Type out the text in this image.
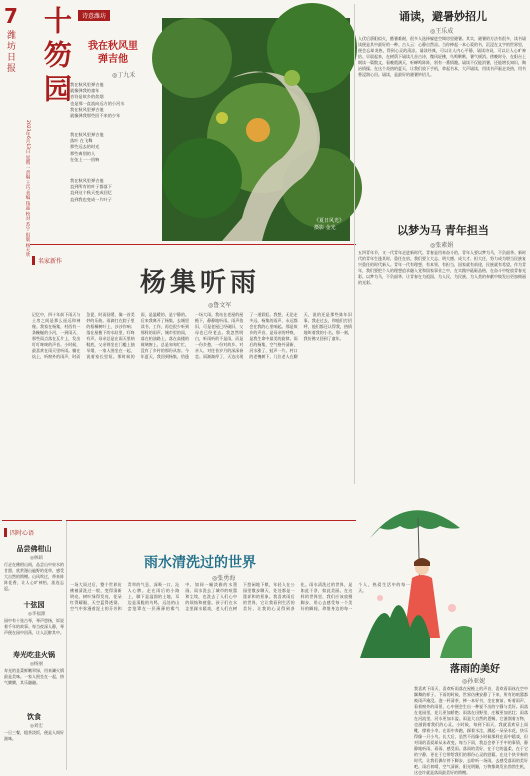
7
潍坊日报 十笏园
2023年6月13日 星期二 责编 王巧 美编 钱晶 校对 苏宁 组版 杨大欣
诗意潍坊
我在秋风里
弹吉他
◎丁九禾
我在秋风里弹吉他
就像弹我的童年
音符是故乡的炊烟
也是那一直流向远方的小河水
我在秋风里弹吉他
就像弹我那些回不来的少年
我在秋风里弹吉他
落叶 在飞舞
那些远去的时光
那些离别的人
在弦上一一回响
我在秋风里弹吉他
直到所有的叶子都落下
直到这个秋天变成回忆
直到我也变成一片叶子
《夏日风光》
摄影 金光
诵读，避暑妙招儿
◎王乐成
入伏后骄阳似火，酷暑难耐，很多人选择躲进空调房里避暑。其实，避暑的方法有很多，读书诵读便是其中最好的一种。古人云：心静自然凉。当你捧起一本心爱的书，沉浸在文字的世界里，便会忘却炎热，得到心灵的清凉。诵读经典，可以让人内心平静，诵读诗词，可以让人心旷神怡。早晨起来，在树荫下诵读几首古诗，微风轻拂，鸟鸣啾啾，暑气顿消。傍晚时分，在阳台上朗读一篇散文，看晚霞满天，听蝉鸣阵阵，别有一番情趣。诵读不仅能消暑，还能增长知识，陶冶情操。在这个炎热的夏天，让我们放下手机，拿起书本，大声诵读，用读书声驱走炎热，用书香浸润心田。诵读，是最好的避暑妙招儿。
以梦为马 青年担当
◎张素娟
五四青年节，又一代青年走进新时代。青春是用来奋斗的，青年人要以梦为马，不负韶华。新时代的青年生逢其时，重任在肩。我们要立大志、明大德、成大才、担大任，努力成为堪当民族复兴重任的时代新人。青年一代有理想、有本领、有担当，国家就有前途，民族就有希望。作为青年，我们要把个人的理想追求融入党和国家事业之中，在实践中砥砺品格，在奋斗中绽放青春光彩。以梦为马，不负韶华，让青春在为祖国、为人民、为民族、为人类的奉献中焕发出更加绚丽的光彩。
名家新作
杨集听雨
◎鲁文军
记忆中，四十年前下雨天与土房之间是那么遥远和神秘。我家在杨集，村西有一条蜿蜒的小河，一到雨天，那些雨点落在瓦片上，发出叮叮咚咚的声音。小时候，最喜欢在雨天里听雨。躺在炕上，听窗外的雨声，时而急促，时而舒缓，像一首美妙的乐曲。雨滴打在院子里的梧桐树叶上，沙沙作响；落在屋檐下的水缸里，叮咚有声。母亲总是在雨天里纳鞋底，父亲则坐在门槛上抽旱烟，一家人围坐在一起，说着家长里短。那时候的雨，是温暖的，是宁静的。后来我离开了杨集，去城里读书、工作，再也很少听到那样的雨声。城市里的雨，落在柏油路上，落在高楼的玻璃窗上，总是匆匆忙忙，没有了乡村的那份从容。今年夏天，我回到杨集，恰逢一场大雨。我站在老屋的屋檐下，静静地听雨。雨声依旧，可是老屋已经破旧，父母也已经老去。我忽然明白，听雨听的不是雨，而是一份乡愁，一份对故乡、对亲人、对往昔岁月的深深眷恋。雨渐渐停了，天边出现了一道彩虹。我想，无论走多远，杨集的雨声，永远都会在我的心里响起。那是故乡的声音，是母亲的呼唤，是我生命中最美的旋律。雨后的杨集，空气格外清新，河水涨了，蛙声一片。村口的老槐树下，几位老人在聊天，说的还是那些陈年旧事。我走过去，和他们打招呼，他们都还认得我，热情地叫着我的小名。那一刻，我仿佛又回到了童年。
四时心语
品尝佛柑山
◎林硕
行走在佛柑山间，品尝山中泉水的甘甜，欣赏漫山遍野的花草，感受大自然的馈赠。山风吹过，带来阵阵花香，让人心旷神怡，流连忘返。
十弦园
◎李福源
园中有十弦古琴，琴声悠扬，诉说着千年的故事。每当夜深人静，琴声便在园中回荡，让人沉醉其中。
寿光吃韭火锅
◎杨丽
寿光的韭菜鲜嫩翠绿，用来涮火锅最是美味。一家人围坐在一起，热气腾腾，其乐融融。
饮食
◎刘宏
一日三餐，粗茶淡饭，便是人间好滋味。
雨水清洗过的世界
◎张勇海
一场大雨过后，整个世界仿佛被清洗过一般，变得清新明亮。树叶绿得发亮，花朵红得耀眼，天空蓝得透彻。空气中弥漫着泥土的芬芳和青草的气息，深吸一口，沁人心脾。走在雨后的小路上，脚下是湿润的土地，耳边是清脆的鸟鸣，远处的山峦笼罩在一层薄薄的雾气中，如同一幅淡雅的水墨画。雨水洗去了城市的喧嚣和尘埃，也洗去了人们心中的烦恼和疲惫。孩子们在水洼里踩水嬉戏，老人们在树下悠闲地下棋，年轻人在公园里散步聊天，处处都是一派祥和的景象。我喜欢雨后的世界，它让我看到生活的美好，让我的心灵得到净化。雨水清洗过的世界，是如此干净，如此美丽。在这样的世界里，我们应该放慢脚步，用心去感受每一个美好的瞬间，珍惜身边的每一个人，热爱生活中的每一天。
落雨的美好
◎孙亚妮
我喜欢下雨天，喜欢听雨落在屋檐上的声音，喜欢看雨丝在空中飘舞的样子。下雨的时候，世界仿佛安静了下来，所有的喧嚣都被雨声淹没。泡一杯清茶，捧一本好书，坐在窗前，听着雨声，看着窗外的雨景，心中便会生出一种说不出的宁静与美好。雨落在花园里，花儿更加娇艳；雨落在田野里，庄稼更加茁壮；雨落在河流里，河水更加丰盈。雨是大自然的恩赐，它滋润着万物，也滋润着我们的心灵。小时候，每到下雨天，我就喜欢穿上雨靴，撑着小伞，在雨中奔跑，踩着水洼，溅起一朵朵水花，快乐得像一只小鸟。长大后，虽然不再像小时候那样在雨中嬉戏，但对雨的喜爱却从未改变。每当下雨，我总会停下手中的事情，静静地听雨、看雨、感受雨。落雨的美好，在于它的温柔，在于它的宁静，更在于它带给我们的那份心灵的慰藉。在这个快节奏的时代，让我们偶尔停下脚步，去聆听一场雨，去感受落雨的美好吧。雨后初晴，空气清新，阳光明媚，万物都焕发出勃勃生机，这也许就是落雨最美好的馈赠。
